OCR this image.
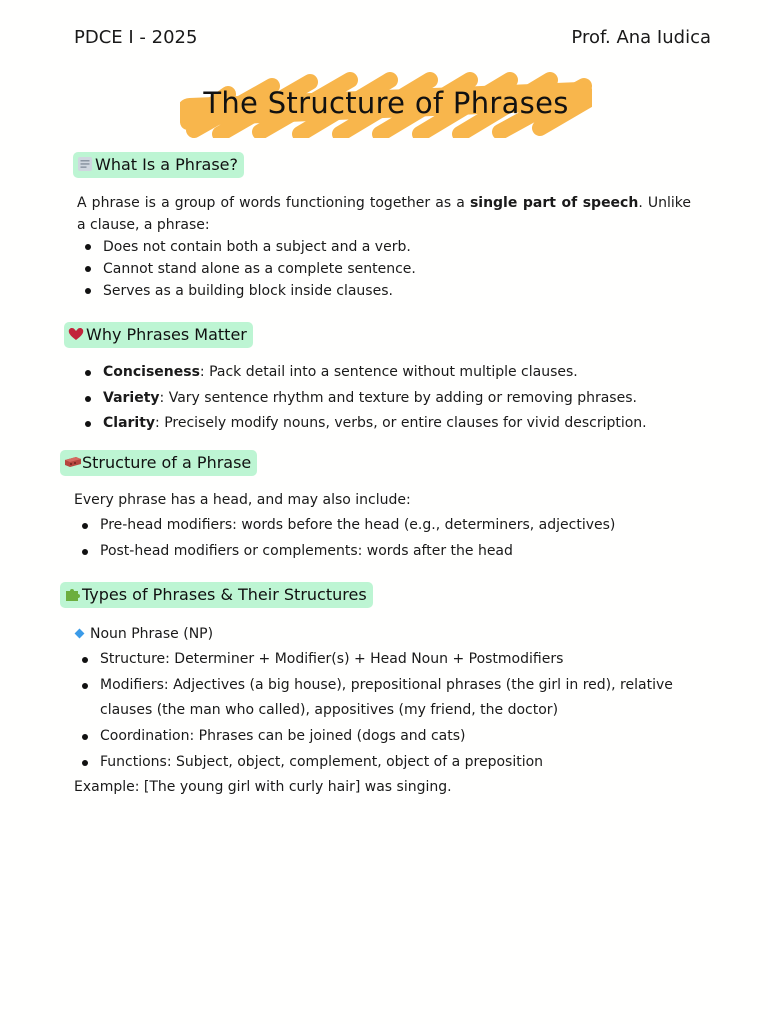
PDCE I - 2025	Prof. Ana Iudica
The Structure of Phrases
What Is a Phrase?
A phrase is a group of words functioning together as a single part of speech. Unlike a clause, a phrase:
Does not contain both a subject and a verb.
Cannot stand alone as a complete sentence.
Serves as a building block inside clauses.
Why Phrases Matter
Conciseness: Pack detail into a sentence without multiple clauses.
Variety: Vary sentence rhythm and texture by adding or removing phrases.
Clarity: Precisely modify nouns, verbs, or entire clauses for vivid description.
Structure of a Phrase
Every phrase has a head, and may also include:
Pre-head modifiers: words before the head (e.g., determiners, adjectives)
Post-head modifiers or complements: words after the head
Types of Phrases & Their Structures
Noun Phrase (NP)
Structure: Determiner + Modifier(s) + Head Noun + Postmodifiers
Modifiers: Adjectives (a big house), prepositional phrases (the girl in red), relative clauses (the man who called), appositives (my friend, the doctor)
Coordination: Phrases can be joined (dogs and cats)
Functions: Subject, object, complement, object of a preposition
Example: [The young girl with curly hair] was singing.
